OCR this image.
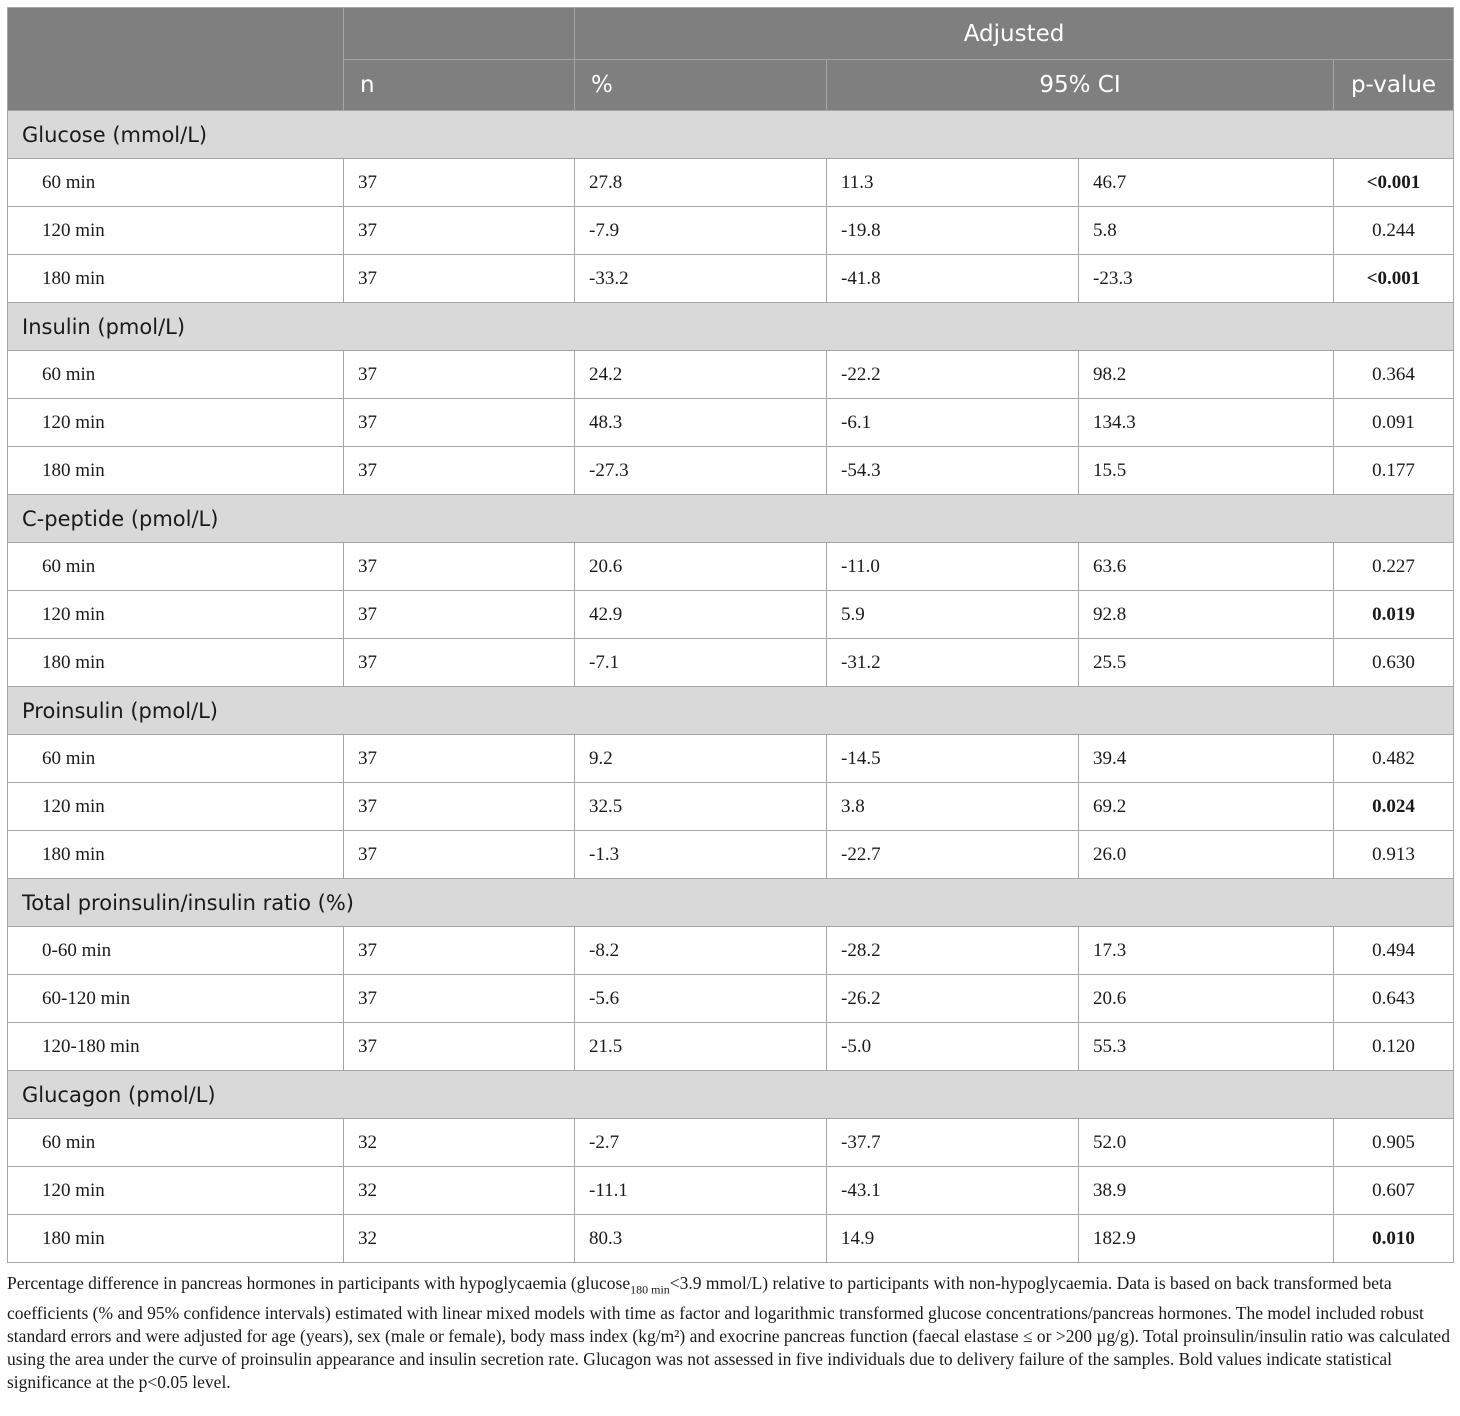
		Adjusted			
	n	%	95% CI		p-value
Glucose (mmol/L)					
60 min	37	27.8	11.3	46.7	<0.001
120 min	37	-7.9	-19.8	5.8	0.244
180 min	37	-33.2	-41.8	-23.3	<0.001
Insulin (pmol/L)					
60 min	37	24.2	-22.2	98.2	0.364
120 min	37	48.3	-6.1	134.3	0.091
180 min	37	-27.3	-54.3	15.5	0.177
C-peptide (pmol/L)					
60 min	37	20.6	-11.0	63.6	0.227
120 min	37	42.9	5.9	92.8	0.019
180 min	37	-7.1	-31.2	25.5	0.630
Proinsulin (pmol/L)					
60 min	37	9.2	-14.5	39.4	0.482
120 min	37	32.5	3.8	69.2	0.024
180 min	37	-1.3	-22.7	26.0	0.913
Total proinsulin/insulin ratio (%)					
0-60 min	37	-8.2	-28.2	17.3	0.494
60-120 min	37	-5.6	-26.2	20.6	0.643
120-180 min	37	21.5	-5.0	55.3	0.120
Glucagon (pmol/L)					
60 min	32	-2.7	-37.7	52.0	0.905
120 min	32	-11.1	-43.1	38.9	0.607
180 min	32	80.3	14.9	182.9	0.010
Percentage difference in pancreas hormones in participants with hypoglycaemia (glucose$_{180 min}$<3.9 mmol/L) relative to participants with non-hypoglycaemia. Data is based on back transformed beta coefficients (% and 95% confidence intervals) estimated with linear mixed models with time as factor and logarithmic transformed glucose concentrations/pancreas hormones. The model included robust standard errors and were adjusted for age (years), sex (male or female), body mass index (kg/m²) and exocrine pancreas function (faecal elastase ≤ or >200 µg/g). Total proinsulin/insulin ratio was calculated using the area under the curve of proinsulin appearance and insulin secretion rate. Glucagon was not assessed in five individuals due to delivery failure of the samples. Bold values indicate statistical significance at the p<0.05 level.
